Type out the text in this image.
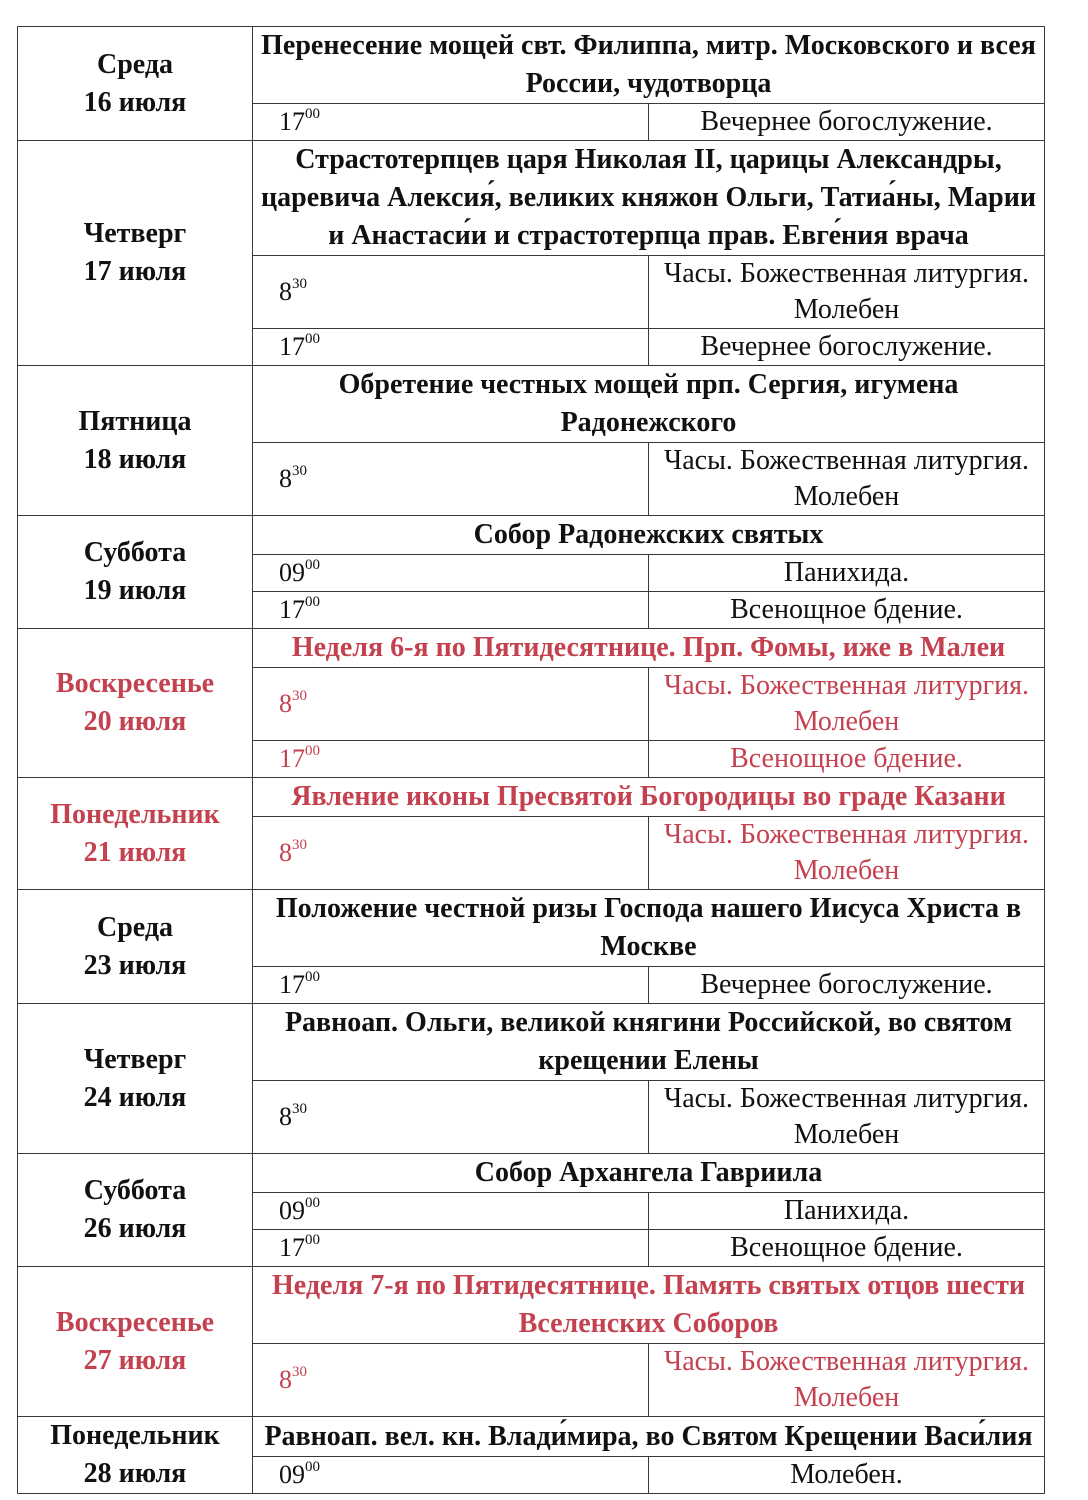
Среда
16 июля	Перенесение мощей свт. Филиппа, митр. Московского и всея России, чудотворца	
	$17^{00}$	Вечернее богослужение.

Четверг
17 июля	Страстотерпцев царя Николая II, царицы Александры, царевича Алексия́, великих княжон Ольги, Татиа́ны, Марии и Анастаси́и и страстотерпца прав. Евге́ния врача	
	$8^{30}$	Часы. Божественная литургия. Молебен
	$17^{00}$	Вечернее богослужение.

Пятница
18 июля	Обретение честных мощей прп. Сергия, игумена Радонежского	
	$8^{30}$	Часы. Божественная литургия. Молебен

Суббота
19 июля	Собор Радонежских святых	
	$09^{00}$	Панихида.
	$17^{00}$	Всенощное бдение.

Воскресенье
20 июля	Неделя 6-я по Пятидесятнице. Прп. Фомы, иже в Малеи	
	$8^{30}$	Часы. Божественная литургия. Молебен
	$17^{00}$	Всенощное бдение.

Понедельник
21 июля	Явление иконы Пресвятой Богородицы во граде Казани	
	$8^{30}$	Часы. Божественная литургия. Молебен

Среда
23 июля	Положение честной ризы Господа нашего Иисуса Христа в Москве	
	$17^{00}$	Вечернее богослужение.

Четверг
24 июля	Равноап. Ольги, великой княгини Российской, во святом крещении Елены	
	$8^{30}$	Часы. Божественная литургия. Молебен

Суббота
26 июля	Собор Архангела Гавриила	
	$09^{00}$	Панихида.
	$17^{00}$	Всенощное бдение.

Воскресенье
27 июля	Неделя 7-я по Пятидесятнице. Память святых отцов шести Вселенских Соборов	
	$8^{30}$	Часы. Божественная литургия. Молебен

Понедельник
28 июля	Равноап. вел. кн. Влади́мира, во Святом Крещении Васи́лия	
	$09^{00}$	Молебен.
